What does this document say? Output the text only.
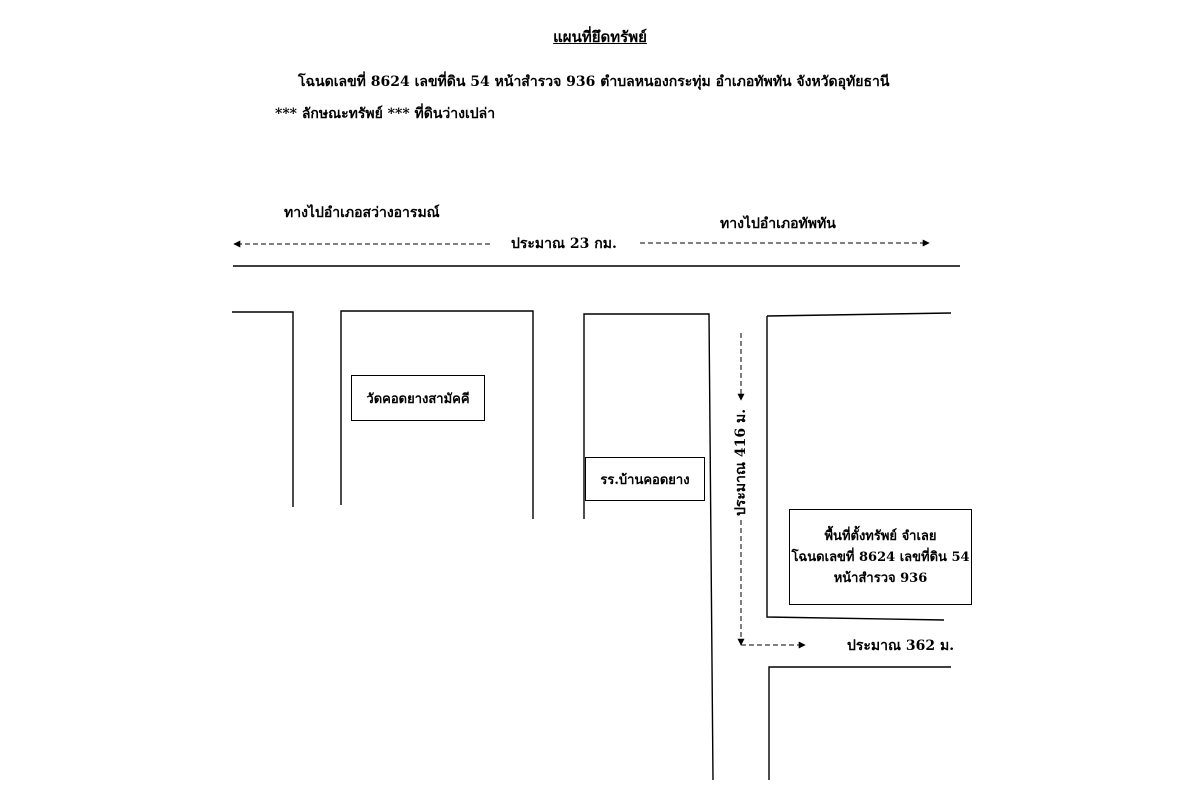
แผนที่ยึดทรัพย์
โฉนดเลขที่ 8624 เลขที่ดิน 54 หน้าสำรวจ 936 ตำบลหนองกระทุ่ม อำเภอทัพทัน จังหวัดอุทัยธานี
*** ลักษณะทรัพย์ *** ที่ดินว่างเปล่า
ทางไปอำเภอสว่างอารมณ์
ทางไปอำเภอทัพทัน
ประมาณ 23 กม.
ประมาณ 416 ม.
ประมาณ 362 ม.
วัดคอดยางสามัคคี
รร.บ้านคอดยาง
พื้นที่ตั้งทรัพย์ จำเลย
โฉนดเลขที่ 8624 เลขที่ดิน 54
หน้าสำรวจ 936
